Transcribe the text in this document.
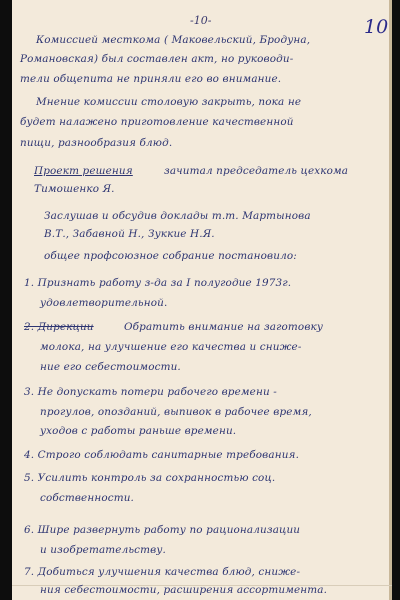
-10-	10
Комиссией месткома ( Маковельский, Бродуна,
Романовская) был составлен акт, но руководи-
тели общепита не приняли его во внимание.
Мнение комиссии столовую закрыть, пока не
будет налажено приготовление качественной
пищи, разнообразия блюд.
Проект решения	зачитал председатель цехкома
Тимошенко Я.
Заслушав и обсудив доклады т.т. Мартынова
В.Т., Забавной Н., Зуккие Н.Я.
общее профсоюзное собрание постановило:
1. Признать работу з-да за I полугодие 1973г.
удовлетворительной.
2. Дирекции	Обратить внимание на заготовку
молока, на улучшение его качества и сниже-
ние его себестоимости.
3. Не допускать потери рабочего времени -
прогулов, опозданий, выпивок в рабочее время,
уходов с работы раньше времени.
4. Строго соблюдать санитарные требования.
5. Усилить контроль за сохранностью соц.
собственности.
6. Шире развернуть работу по рационализации
и изобретательству.
7. Добиться улучшения качества блюд, сниже-
ния себестоимости, расширения ассортимента.
